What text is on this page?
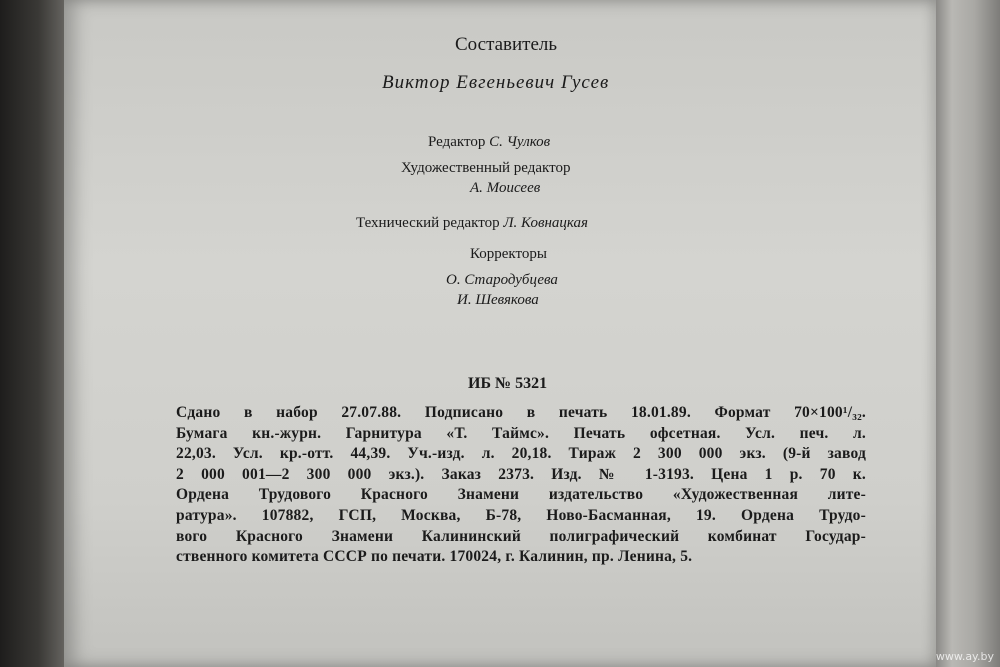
Составитель
Виктор Евгеньевич Гусев
Редактор С. Чулков
Художественный редактор
А. Моисеев
Технический редактор Л. Ковнацкая
Корректоры
О. Стародубцева
И. Шевякова
ИБ № 5321
Сдано в набор 27.07.88. Подписано в печать 18.01.89. Формат 70×100¹/₃₂.
Бумага кн.-журн. Гарнитура «Т. Таймс». Печать офсетная. Усл. печ. л.
22,03. Усл. кр.-отт. 44,39. Уч.-изд. л. 20,18. Тираж 2 300 000 экз. (9-й завод
2 000 001—2 300 000 экз.). Заказ 2373. Изд. № 1-3193. Цена 1 р. 70 к.
Ордена Трудового Красного Знамени издательство «Художественная лите-
ратура». 107882, ГСП, Москва, Б-78, Ново-Басманная, 19. Ордена Трудо-
вого Красного Знамени Калининский полиграфический комбинат Государ-
ственного комитета СССР по печати. 170024, г. Калинин, пр. Ленина, 5.
www.ay.by
